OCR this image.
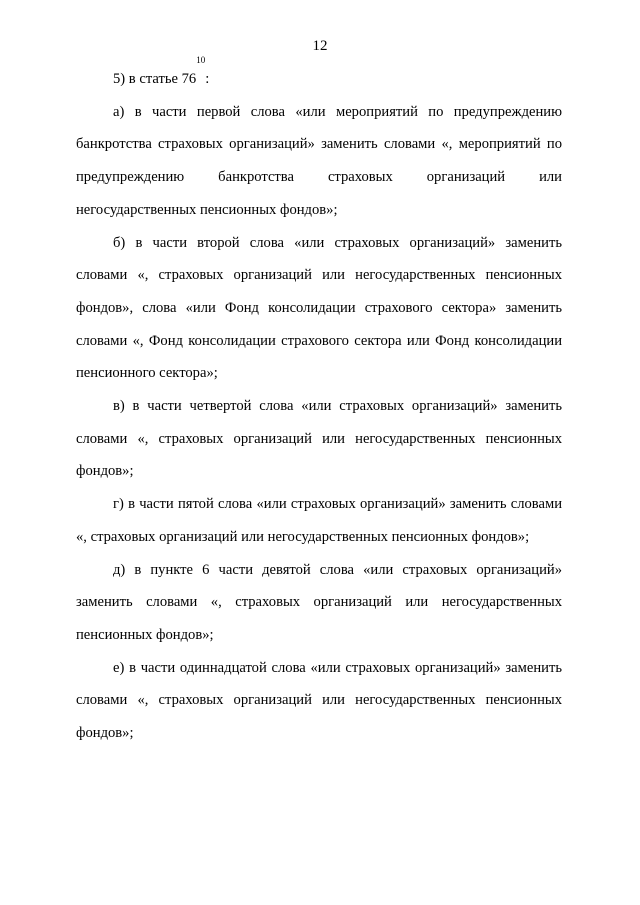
12

5) в статье $76^{10}$:

а) в части первой слова «или мероприятий по предупреждению банкротства страховых организаций» заменить словами «, мероприятий по предупреждению банкротства страховых организаций или негосударственных пенсионных фондов»;

б) в части второй слова «или страховых организаций» заменить словами «, страховых организаций или негосударственных пенсионных фондов», слова «или Фонд консолидации страхового сектора» заменить словами «, Фонд консолидации страхового сектора или Фонд консолидации пенсионного сектора»;

в) в части четвертой слова «или страховых организаций» заменить словами «, страховых организаций или негосударственных пенсионных фондов»;

г) в части пятой слова «или страховых организаций» заменить словами «, страховых организаций или негосударственных пенсионных фондов»;

д) в пункте 6 части девятой слова «или страховых организаций» заменить словами «, страховых организаций или негосударственных пенсионных фондов»;

е) в части одиннадцатой слова «или страховых организаций» заменить словами «, страховых организаций или негосударственных пенсионных фондов»;
